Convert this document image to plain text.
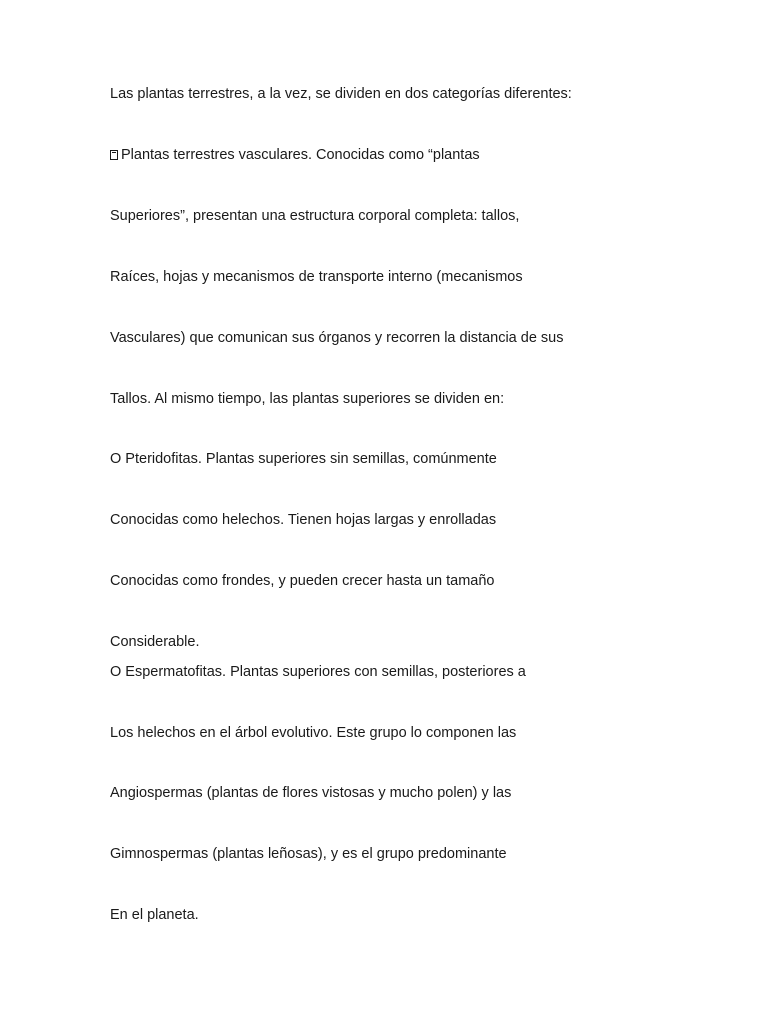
Las plantas terrestres, a la vez, se dividen en dos categorías diferentes:
Plantas terrestres vasculares. Conocidas como “plantas
Superiores”, presentan una estructura corporal completa: tallos,
Raíces, hojas y mecanismos de transporte interno (mecanismos
Vasculares) que comunican sus órganos y recorren la distancia de sus
Tallos. Al mismo tiempo, las plantas superiores se dividen en:
O Pteridofitas. Plantas superiores sin semillas, comúnmente
Conocidas como helechos. Tienen hojas largas y enrolladas
Conocidas como frondes, y pueden crecer hasta un tamaño
Considerable.
O Espermatofitas. Plantas superiores con semillas, posteriores a
Los helechos en el árbol evolutivo. Este grupo lo componen las
Angiospermas (plantas de flores vistosas y mucho polen) y las
Gimnospermas (plantas leñosas), y es el grupo predominante
En el planeta.
